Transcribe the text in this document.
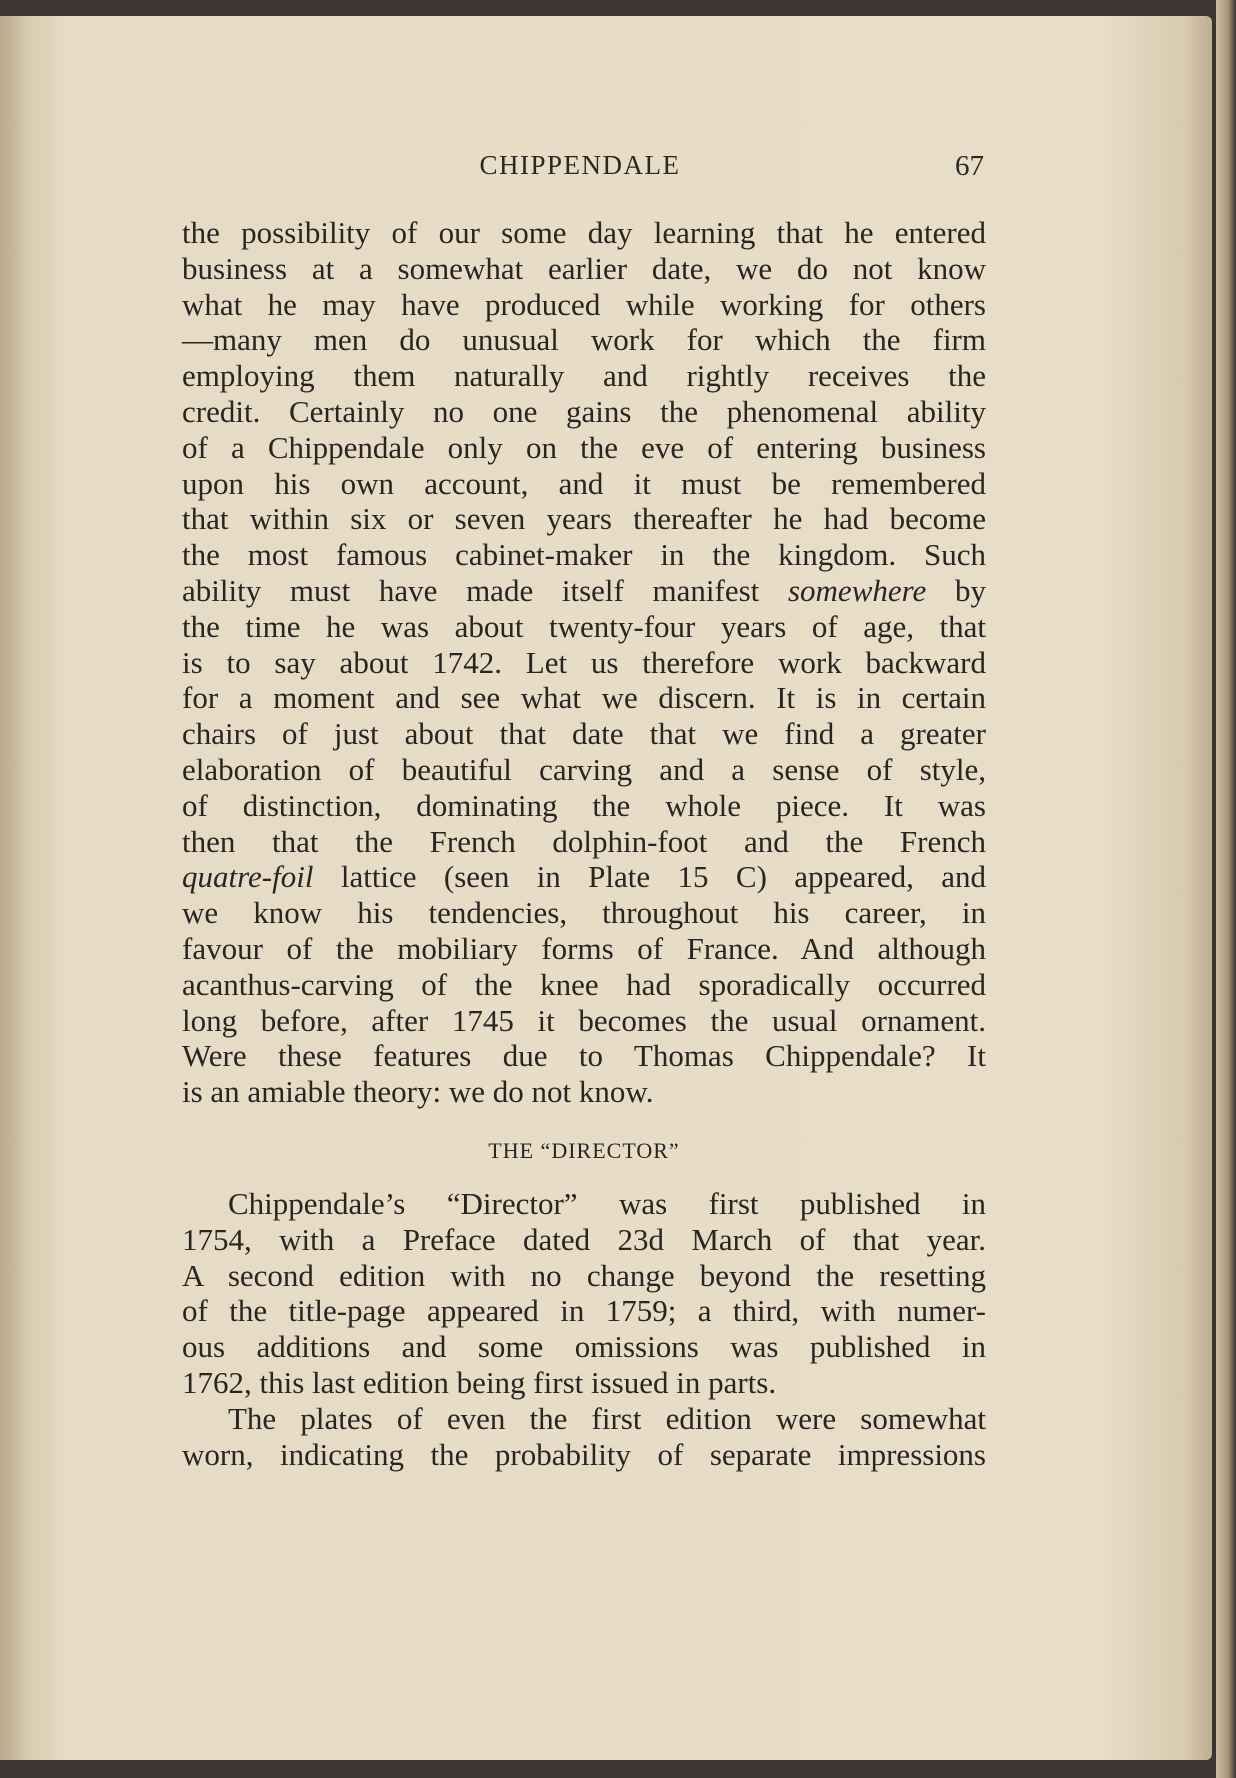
CHIPPENDALE	67

the possibility of our some day learning that he entered
business at a somewhat earlier date, we do not know
what he may have produced while working for others
—many men do unusual work for which the firm
employing them naturally and rightly receives the
credit. Certainly no one gains the phenomenal ability
of a Chippendale only on the eve of entering business
upon his own account, and it must be remembered
that within six or seven years thereafter he had become
the most famous cabinet-maker in the kingdom. Such
ability must have made itself manifest somewhere by
the time he was about twenty-four years of age, that
is to say about 1742. Let us therefore work backward
for a moment and see what we discern. It is in certain
chairs of just about that date that we find a greater
elaboration of beautiful carving and a sense of style,
of distinction, dominating the whole piece. It was
then that the French dolphin-foot and the French
quatre-foil lattice (seen in Plate 15 C) appeared, and
we know his tendencies, throughout his career, in
favour of the mobiliary forms of France. And although
acanthus-carving of the knee had sporadically occurred
long before, after 1745 it becomes the usual ornament.
Were these features due to Thomas Chippendale? It
is an amiable theory: we do not know.

THE “DIRECTOR”

Chippendale’s “Director” was first published in
1754, with a Preface dated 23d March of that year.
A second edition with no change beyond the resetting
of the title-page appeared in 1759; a third, with numer-
ous additions and some omissions was published in
1762, this last edition being first issued in parts.

The plates of even the first edition were somewhat
worn, indicating the probability of separate impressions
